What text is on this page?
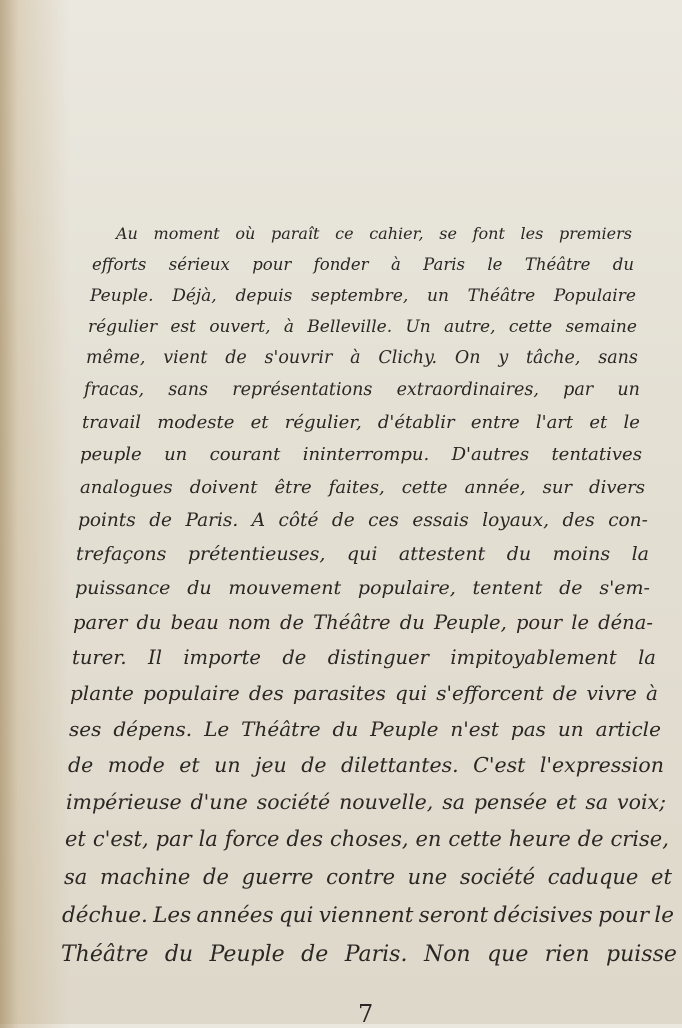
Au moment où paraît ce cahier, se font les premiers
efforts sérieux pour fonder à Paris le Théâtre du
Peuple. Déjà, depuis septembre, un Théâtre Populaire
régulier est ouvert, à Belleville. Un autre, cette semaine
même, vient de s'ouvrir à Clichy. On y tâche, sans
fracas, sans représentations extraordinaires, par un
travail modeste et régulier, d'établir entre l'art et le
peuple un courant ininterrompu. D'autres tentatives
analogues doivent être faites, cette année, sur divers
points de Paris. A côté de ces essais loyaux, des con-
trefaçons prétentieuses, qui attestent du moins la
puissance du mouvement populaire, tentent de s'em-
parer du beau nom de Théâtre du Peuple, pour le déna-
turer. Il importe de distinguer impitoyablement la
plante populaire des parasites qui s'efforcent de vivre à
ses dépens. Le Théâtre du Peuple n'est pas un article
de mode et un jeu de dilettantes. C'est l'expression
impérieuse d'une société nouvelle, sa pensée et sa voix;
et c'est, par la force des choses, en cette heure de crise,
sa machine de guerre contre une société caduque et
déchue. Les années qui viennent seront décisives pour le
Théâtre du Peuple de Paris. Non que rien puisse
7
